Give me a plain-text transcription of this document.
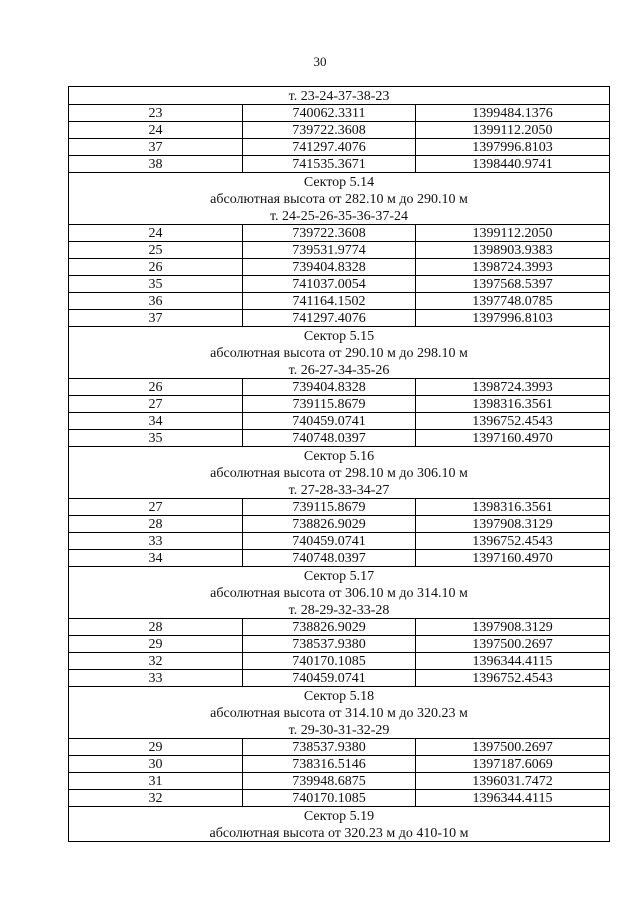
30
т. 23-24-37-38-23		
23	740062.3311	1399484.1376
24	739722.3608	1399112.2050
37	741297.4076	1397996.8103
38	741535.3671	1398440.9741
Сектор 5.14		
абсолютная высота от 282.10 м до 290.10 м		
т. 24-25-26-35-36-37-24		
24	739722.3608	1399112.2050
25	739531.9774	1398903.9383
26	739404.8328	1398724.3993
35	741037.0054	1397568.5397
36	741164.1502	1397748.0785
37	741297.4076	1397996.8103
Сектор 5.15		
абсолютная высота от 290.10 м до 298.10 м		
т. 26-27-34-35-26		
26	739404.8328	1398724.3993
27	739115.8679	1398316.3561
34	740459.0741	1396752.4543
35	740748.0397	1397160.4970
Сектор 5.16		
абсолютная высота от 298.10 м до 306.10 м		
т. 27-28-33-34-27		
27	739115.8679	1398316.3561
28	738826.9029	1397908.3129
33	740459.0741	1396752.4543
34	740748.0397	1397160.4970
Сектор 5.17		
абсолютная высота от 306.10 м до 314.10 м		
т. 28-29-32-33-28		
28	738826.9029	1397908.3129
29	738537.9380	1397500.2697
32	740170.1085	1396344.4115
33	740459.0741	1396752.4543
Сектор 5.18		
абсолютная высота от 314.10 м до 320.23 м		
т. 29-30-31-32-29		
29	738537.9380	1397500.2697
30	738316.5146	1397187.6069
31	739948.6875	1396031.7472
32	740170.1085	1396344.4115
Сектор 5.19		
абсолютная высота от 320.23 м до 410-10 м		
